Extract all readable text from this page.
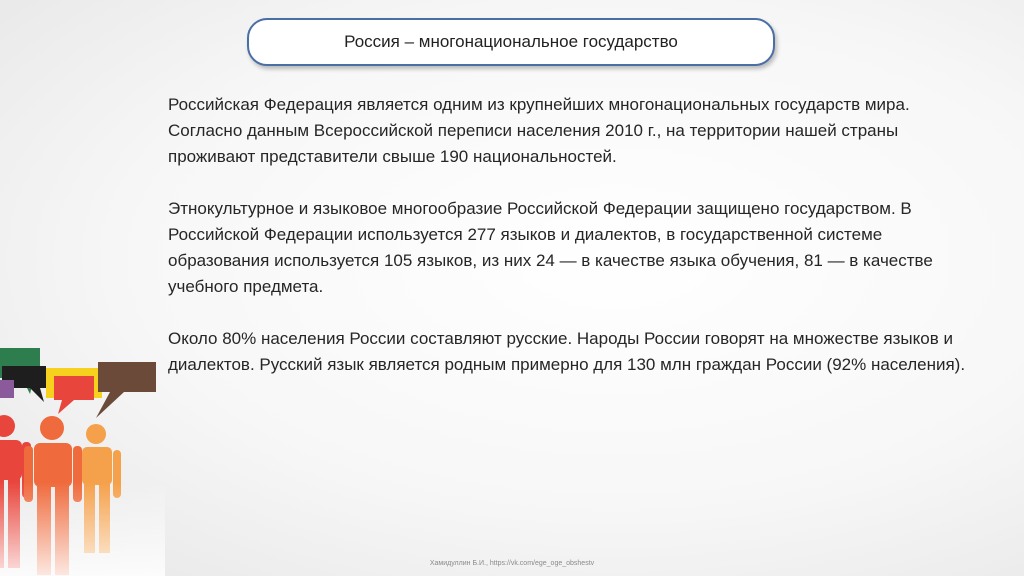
Россия – многонациональное государство

Российская Федерация является одним из крупнейших многонациональных государств мира. Согласно данным Всероссийской переписи населения 2010 г., на территории нашей страны проживают представители свыше 190 национальностей.

Этнокультурное и языковое многообразие Российской Федерации защищено государством. В Российской Федерации используется 277 языков и диалектов, в государственной системе образования используется 105 языков, из них 24 — в качестве языка обучения, 81 — в качестве учебного предмета.

Около 80% населения России составляют русские. Народы России говорят на множестве языков и диалектов. Русский язык является родным примерно для 130 млн граждан России (92% населения).

Хамидуллин Б.И., https://vk.com/ege_oge_obshestv
